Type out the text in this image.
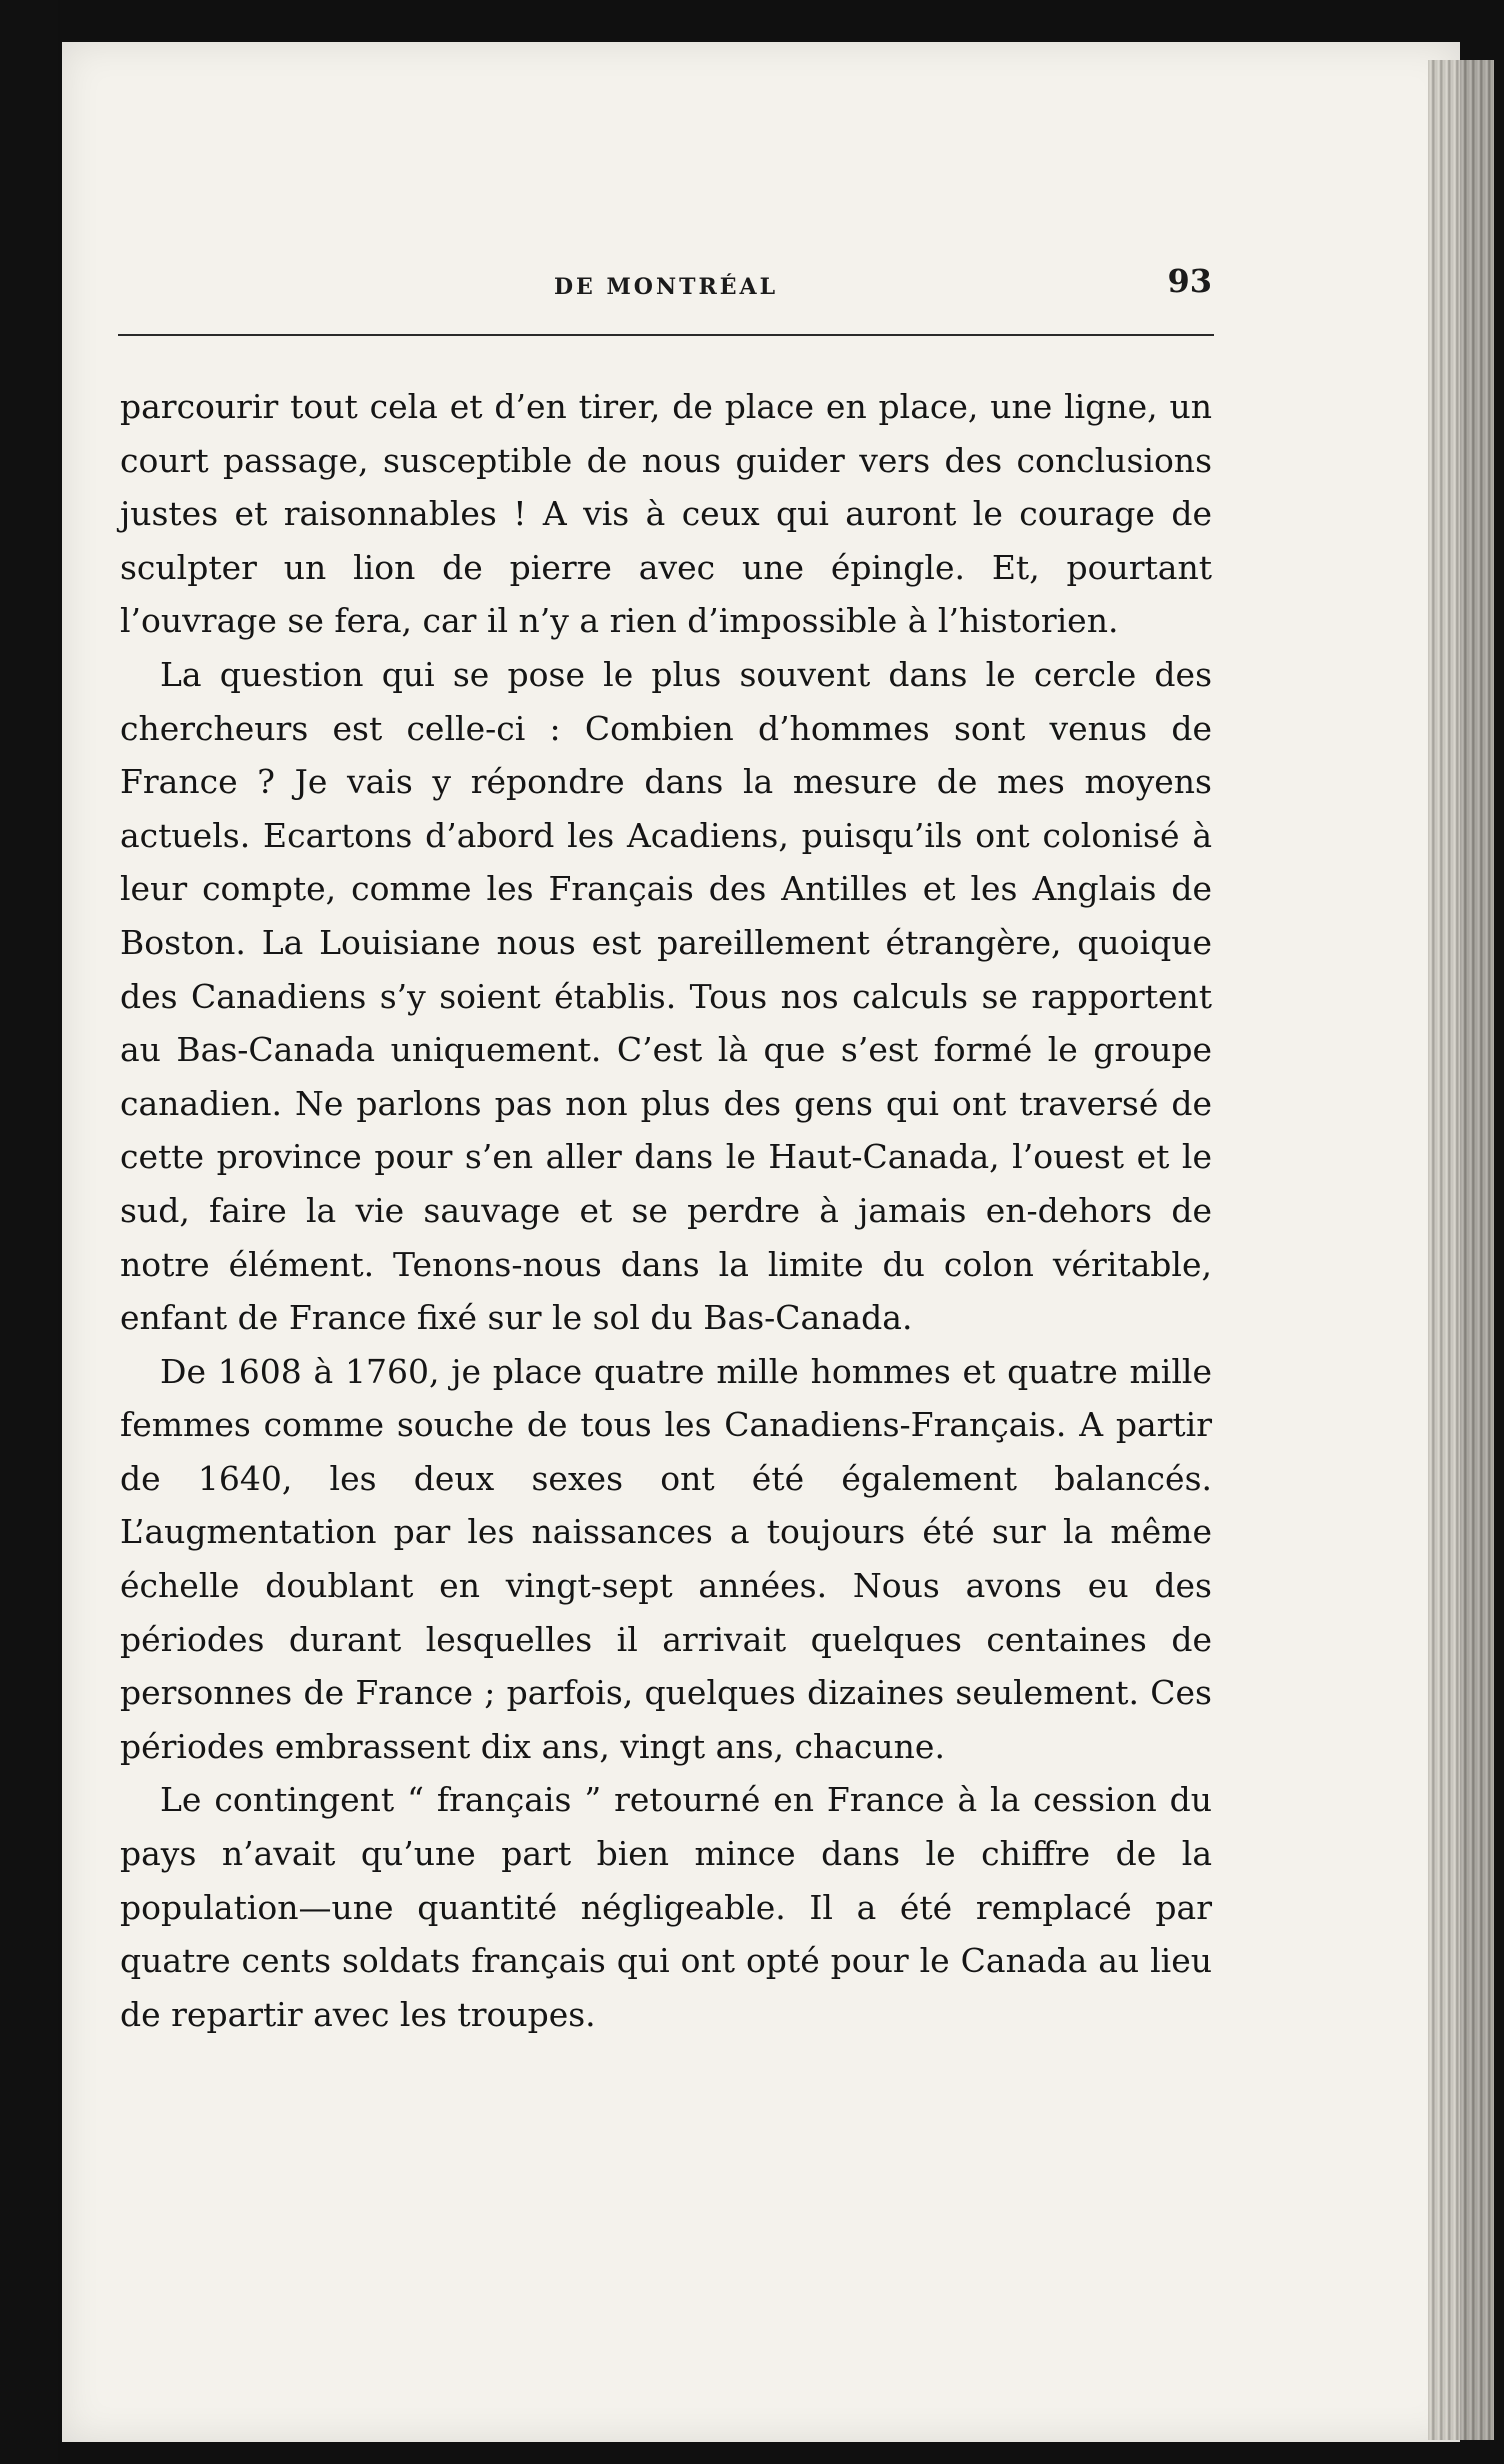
DE MONTRÉAL	93

parcourir tout cela et d’en tirer, de place en place, une ligne, un court passage, susceptible de nous guider vers des conclusions justes et raisonnables ! A vis à ceux qui auront le courage de sculpter un lion de pierre avec une épingle. Et, pourtant l’ouvrage se fera, car il n’y a rien d’impossible à l’historien.

La question qui se pose le plus souvent dans le cercle des chercheurs est celle-ci : Combien d’hommes sont venus de France ? Je vais y répondre dans la mesure de mes moyens actuels. Ecartons d’abord les Acadiens, puisqu’ils ont colonisé à leur compte, comme les Français des Antilles et les Anglais de Boston. La Louisiane nous est pareillement étrangère, quoique des Canadiens s’y soient établis. Tous nos calculs se rapportent au Bas-Canada uniquement. C’est là que s’est formé le groupe canadien. Ne parlons pas non plus des gens qui ont traversé de cette province pour s’en aller dans le Haut-Canada, l’ouest et le sud, faire la vie sauvage et se perdre à jamais en-dehors de notre élément. Tenons-nous dans la limite du colon véritable, enfant de France fixé sur le sol du Bas-Canada.

De 1608 à 1760, je place quatre mille hommes et quatre mille femmes comme souche de tous les Canadiens-Français. A partir de 1640, les deux sexes ont été également balancés. L’augmentation par les naissances a toujours été sur la même échelle doublant en vingt-sept années. Nous avons eu des périodes durant lesquelles il arrivait quelques centaines de personnes de France ; parfois, quelques dizaines seulement. Ces périodes embrassent dix ans, vingt ans, chacune.

Le contingent “ français ” retourné en France à la cession du pays n’avait qu’une part bien mince dans le chiffre de la population—une quantité négligeable. Il a été remplacé par quatre cents soldats français qui ont opté pour le Canada au lieu de repartir avec les troupes.
